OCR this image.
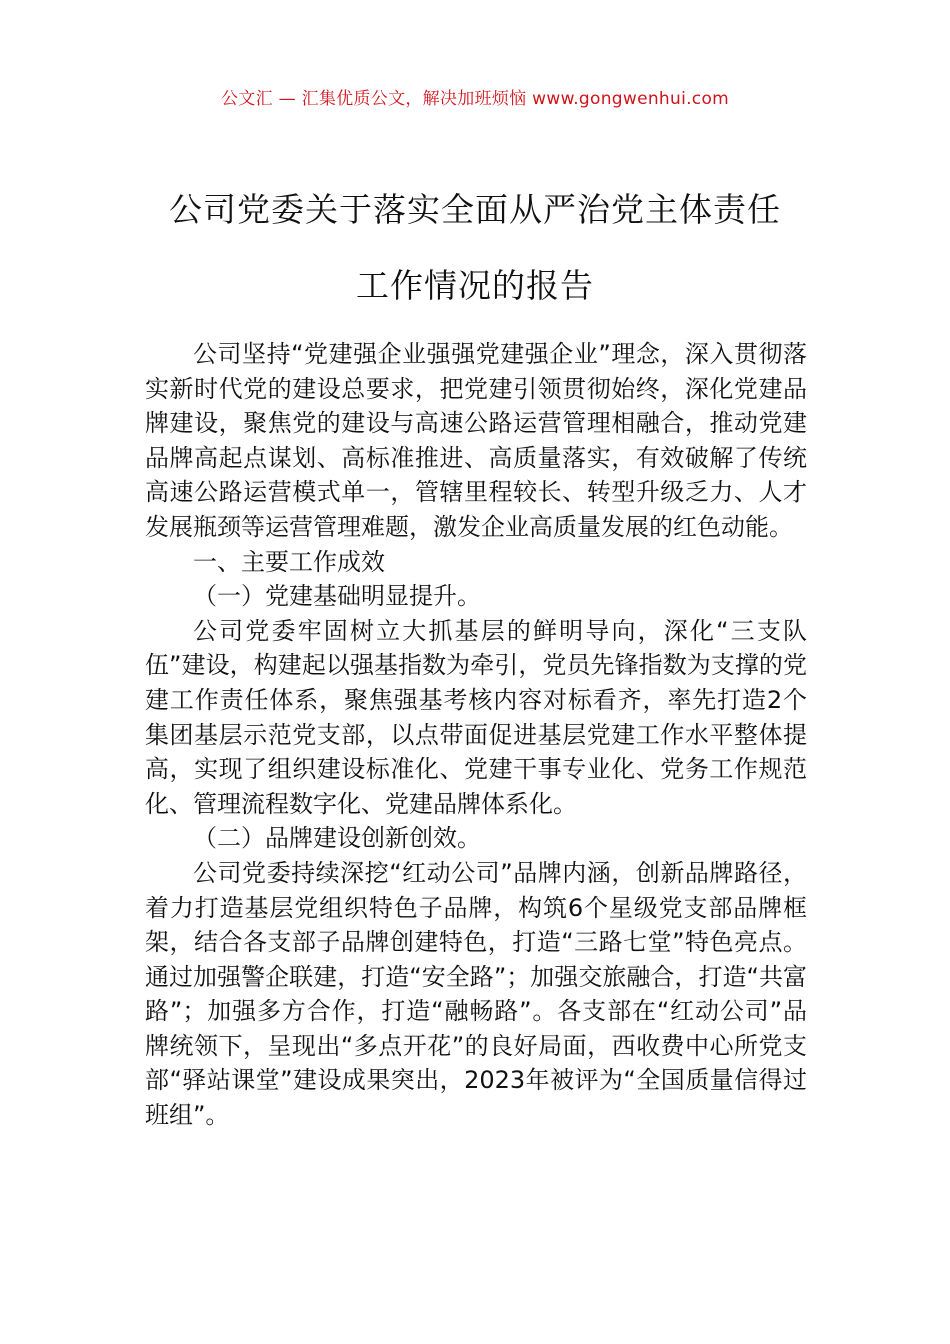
公文汇 — 汇集优质公文，解决加班烦恼 www.gongwenhui.com
公司党委关于落实全面从严治党主体责任
工作情况的报告

公司坚持“党建强企业强强党建强企业”理念，深入贯彻落实新时代党的建设总要求，把党建引领贯彻始终，深化党建品牌建设，聚焦党的建设与高速公路运营管理相融合，推动党建品牌高起点谋划、高标准推进、高质量落实，有效破解了传统高速公路运营模式单一，管辖里程较长、转型升级乏力、人才发展瓶颈等运营管理难题，激发企业高质量发展的红色动能。

一、主要工作成效

（一）党建基础明显提升。

公司党委牢固树立大抓基层的鲜明导向，深化“三支队伍”建设，构建起以强基指数为牵引，党员先锋指数为支撑的党建工作责任体系，聚焦强基考核内容对标看齐，率先打造2个集团基层示范党支部，以点带面促进基层党建工作水平整体提高，实现了组织建设标准化、党建干事专业化、党务工作规范化、管理流程数字化、党建品牌体系化。

（二）品牌建设创新创效。

公司党委持续深挖“红动公司”品牌内涵，创新品牌路径，着力打造基层党组织特色子品牌，构筑6个星级党支部品牌框架，结合各支部子品牌创建特色，打造“三路七堂”特色亮点。通过加强警企联建，打造“安全路”；加强交旅融合，打造“共富路”；加强多方合作，打造“融畅路”。各支部在“红动公司”品牌统领下，呈现出“多点开花”的良好局面，西收费中心所党支部“驿站课堂”建设成果突出，2023年被评为“全国质量信得过班组”。
